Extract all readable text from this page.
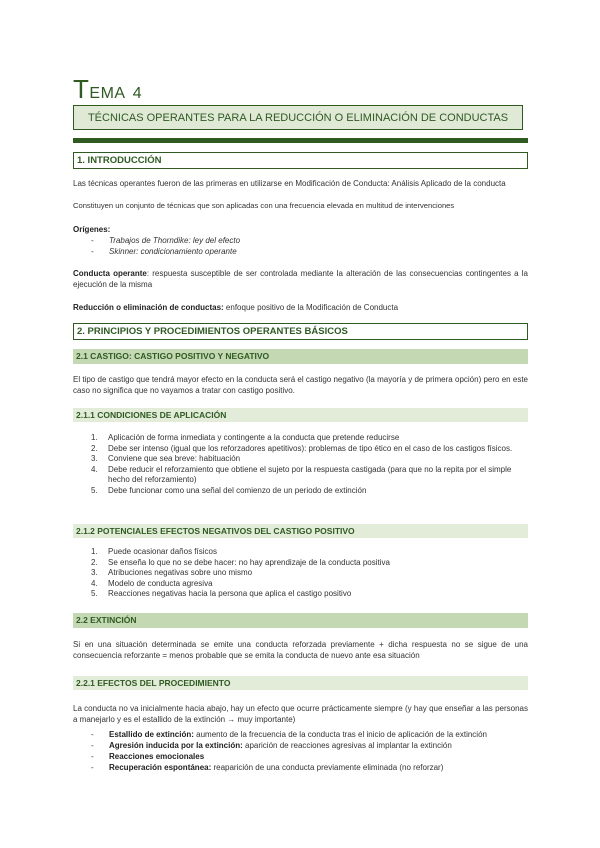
TEMA 4
TÉCNICAS OPERANTES PARA LA REDUCCIÓN O ELIMINACIÓN DE CONDUCTAS
1. INTRODUCCIÓN
Las técnicas operantes fueron de las primeras en utilizarse en Modificación de Conducta: Análisis Aplicado de la conducta
Constituyen un conjunto de técnicas que son aplicadas con una frecuencia elevada en multitud de intervenciones
Orígenes:
- Trabajos de Thorndike: ley del efecto
- Skinner: condicionamiento operante
Conducta operante: respuesta susceptible de ser controlada mediante la alteración de las consecuencias contingentes a la ejecución de la misma
Reducción o eliminación de conductas: enfoque positivo de la Modificación de Conducta
2. PRINCIPIOS Y PROCEDIMIENTOS OPERANTES BÁSICOS
2.1 CASTIGO: CASTIGO POSITIVO Y NEGATIVO
El tipo de castigo que tendrá mayor efecto en la conducta será el castigo negativo (la mayoría y de primera opción) pero en este caso no significa que no vayamos a tratar con castigo positivo.
2.1.1 CONDICIONES DE APLICACIÓN
1. Aplicación de forma inmediata y contingente a la conducta que pretende reducirse
2. Debe ser intenso (igual que los reforzadores apetitivos): problemas de tipo ético en el caso de los castigos físicos.
3. Conviene que sea breve: habituación
4. Debe reducir el reforzamiento que obtiene el sujeto por la respuesta castigada (para que no la repita por el simple hecho del reforzamiento)
5. Debe funcionar como una señal del comienzo de un periodo de extinción
2.1.2 POTENCIALES EFECTOS NEGATIVOS DEL CASTIGO POSITIVO
1. Puede ocasionar daños físicos
2. Se enseña lo que no se debe hacer: no hay aprendizaje de la conducta positiva
3. Atribuciones negativas sobre uno mismo
4. Modelo de conducta agresiva
5. Reacciones negativas hacia la persona que aplica el castigo positivo
2.2 EXTINCIÓN
Si en una situación determinada se emite una conducta reforzada previamente + dicha respuesta no se sigue de una consecuencia reforzante = menos probable que se emita la conducta de nuevo ante esa situación
2.2.1 EFECTOS DEL PROCEDIMIENTO
La conducta no va inicialmente hacia abajo, hay un efecto que ocurre prácticamente siempre (y hay que enseñar a las personas a manejarlo y es el estallido de la extinción → muy importante)
- Estallido de extinción: aumento de la frecuencia de la conducta tras el inicio de aplicación de la extinción
- Agresión inducida por la extinción: aparición de reacciones agresivas al implantar la extinción
- Reacciones emocionales
- Recuperación espontánea: reaparición de una conducta previamente eliminada (no reforzar)
